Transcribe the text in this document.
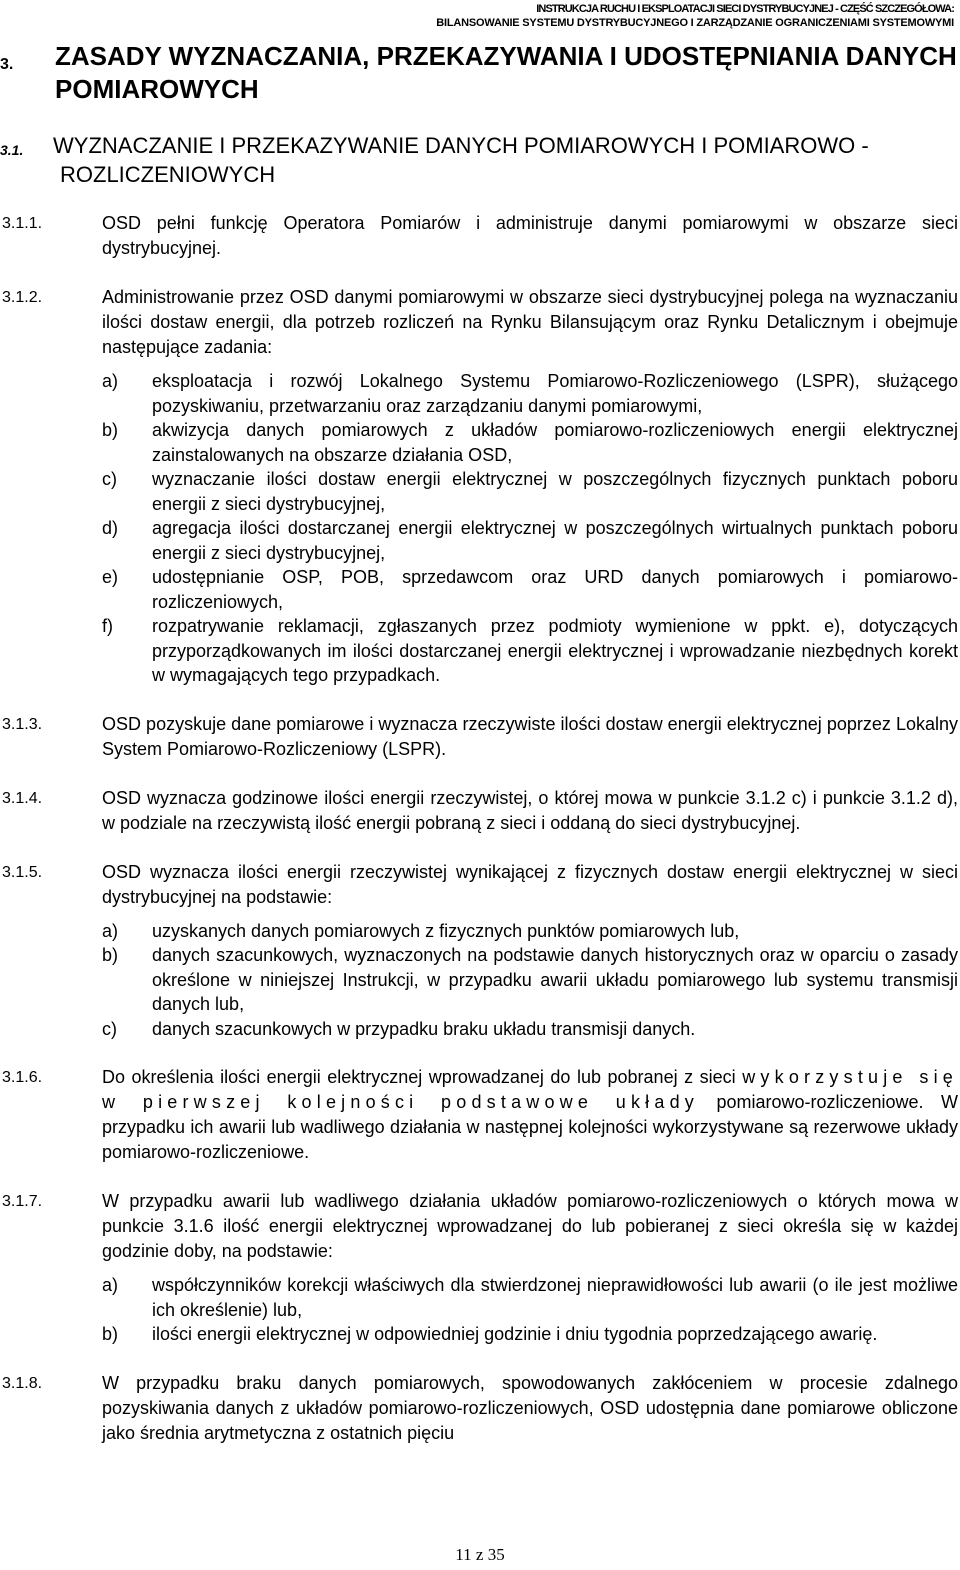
INSTRUKCJA RUCHU I EKSPLOATACJI SIECI DYSTRYBUCYJNEJ - CZĘŚĆ SZCZEGÓŁOWA:
BILANSOWANIE SYSTEMU DYSTRYBUCYJNEGO I ZARZĄDZANIE OGRANICZENIAMI SYSTEMOWYMI
3.	ZASADY WYZNACZANIA, PRZEKAZYWANIA I UDOSTĘPNIANIA DANYCH POMIAROWYCH
3.1.	WYZNACZANIE I PRZEKAZYWANIE DANYCH POMIAROWYCH I POMIAROWO -ROZLICZENIOWYCH
3.1.1.	OSD pełni funkcję Operatora Pomiarów i administruje danymi pomiarowymi w obszarze sieci dystrybucyjnej.
3.1.2.	Administrowanie przez OSD danymi pomiarowymi w obszarze sieci dystrybucyjnej polega na wyznaczaniu ilości dostaw energii, dla potrzeb rozliczeń na Rynku Bilansującym oraz Rynku Detalicznym i obejmuje następujące zadania:
a) eksploatacja i rozwój Lokalnego Systemu Pomiarowo-Rozliczeniowego (LSPR), służącego pozyskiwaniu, przetwarzaniu oraz zarządzaniu danymi pomiarowymi,
b) akwizycja danych pomiarowych z układów pomiarowo-rozliczeniowych energii elektrycznej zainstalowanych na obszarze działania OSD,
c) wyznaczanie ilości dostaw energii elektrycznej w poszczególnych fizycznych punktach poboru energii z sieci dystrybucyjnej,
d) agregacja ilości dostarczanej energii elektrycznej w poszczególnych wirtualnych punktach poboru energii z sieci dystrybucyjnej,
e) udostępnianie OSP, POB, sprzedawcom oraz URD danych pomiarowych i pomiarowo-rozliczeniowych,
f) rozpatrywanie reklamacji, zgłaszanych przez podmioty wymienione w ppkt. e), dotyczących przyporządkowanych im ilości dostarczanej energii elektrycznej i wprowadzanie niezbędnych korekt w wymagających tego przypadkach.
3.1.3.	OSD pozyskuje dane pomiarowe i wyznacza rzeczywiste ilości dostaw energii elektrycznej poprzez Lokalny System Pomiarowo-Rozliczeniowy (LSPR).
3.1.4.	OSD wyznacza godzinowe ilości energii rzeczywistej, o której mowa w punkcie 3.1.2 c) i punkcie 3.1.2 d), w podziale na rzeczywistą ilość energii pobraną z sieci i oddaną do sieci dystrybucyjnej.
3.1.5.	OSD wyznacza ilości energii rzeczywistej wynikającej z fizycznych dostaw energii elektrycznej w sieci dystrybucyjnej na podstawie:
a) uzyskanych danych pomiarowych z fizycznych punktów pomiarowych lub,
b) danych szacunkowych, wyznaczonych na podstawie danych historycznych oraz w oparciu o zasady określone w niniejszej Instrukcji, w przypadku awarii układu pomiarowego lub systemu transmisji danych lub,
c) danych szacunkowych w przypadku braku układu transmisji danych.
3.1.6.	Do określenia ilości energii elektrycznej wprowadzanej do lub pobranej z sieci wykorzystuje się w pierwszej kolejności podstawowe układy pomiarowo-rozliczeniowe. W przypadku ich awarii lub wadliwego działania w następnej kolejności wykorzystywane są rezerwowe układy pomiarowo-rozliczeniowe.
3.1.7.	W przypadku awarii lub wadliwego działania układów pomiarowo-rozliczeniowych o których mowa w punkcie 3.1.6 ilość energii elektrycznej wprowadzanej do lub pobieranej z sieci określa się w każdej godzinie doby, na podstawie:
a) współczynników korekcji właściwych dla stwierdzonej nieprawidłowości lub awarii (o ile jest możliwe ich określenie) lub,
b) ilości energii elektrycznej w odpowiedniej godzinie i dniu tygodnia poprzedzającego awarię.
3.1.8.	W przypadku braku danych pomiarowych, spowodowanych zakłóceniem w procesie zdalnego pozyskiwania danych z układów pomiarowo-rozliczeniowych, OSD udostępnia dane pomiarowe obliczone jako średnia arytmetyczna z ostatnich pięciu
11 z 35
